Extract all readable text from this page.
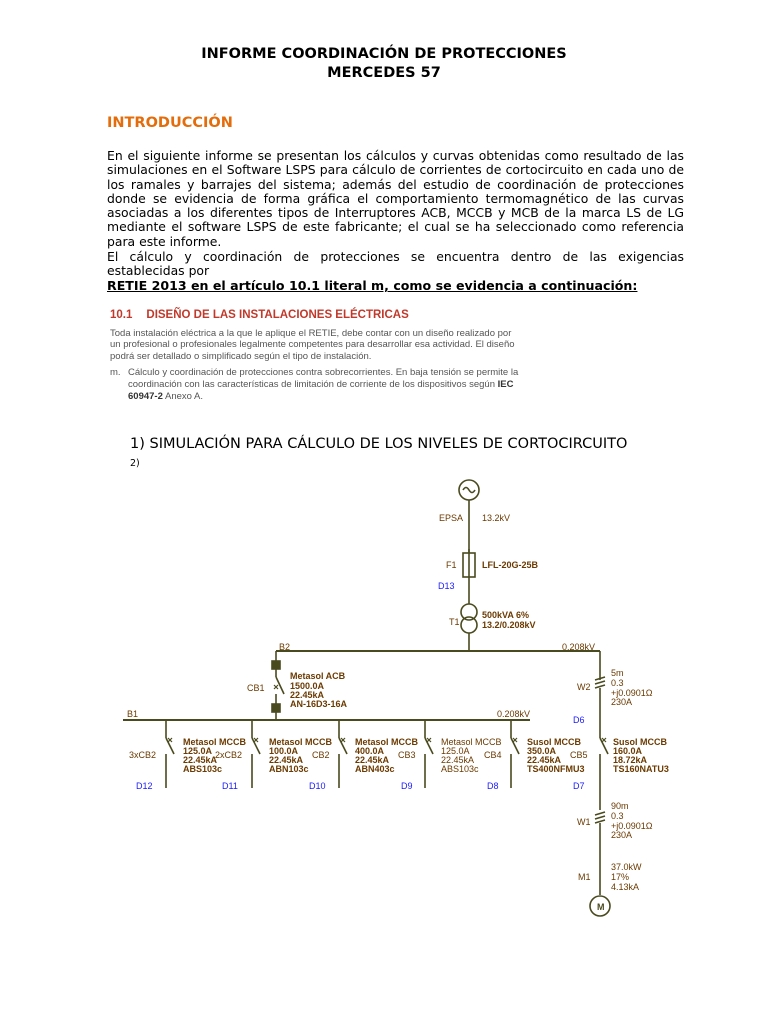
INFORME COORDINACIÓN DE PROTECCIONES
MERCEDES 57
INTRODUCCIÓN
En el siguiente informe se presentan los cálculos y curvas obtenidas como resultado de las simulaciones en el Software LSPS para cálculo de corrientes de cortocircuito en cada uno de los ramales y barrajes del sistema; además del estudio de coordinación de protecciones donde se evidencia de forma gráfica el comportamiento termomagnético de las curvas asociadas a los diferentes tipos de Interruptores ACB, MCCB y MCB de la marca LS de LG mediante el software LSPS de este fabricante; el cual se ha seleccionado como referencia para este informe.
El cálculo y coordinación de protecciones se encuentra dentro de las exigencias establecidas por
RETIE 2013 en el artículo 10.1 literal m, como se evidencia a continuación:
10.1 DISEÑO DE LAS INSTALACIONES ELÉCTRICAS
Toda instalación eléctrica a la que le aplique el RETIE, debe contar con un diseño realizado por un profesional o profesionales legalmente competentes para desarrollar esa actividad. El diseño podrá ser detallado o simplificado según el tipo de instalación.
m. Cálculo y coordinación de protecciones contra sobrecorrientes. En baja tensión se permite la coordinación con las características de limitación de corriente de los dispositivos según IEC 60947-2 Anexo A.
1) SIMULACIÓN PARA CÁLCULO DE LOS NIVELES DE CORTOCIRCUITO
2)
M
EPSA 13.2kV
F1	LFL-20G-25B
T1
500kVA 6%
13.2/0.208kV
B2	0.208kV
Metasol ACB
1500.0A
22.45kA
AN-16D3-16A
CB1
B1	0.208kV
5m
0.3
+j0.0901Ω
230A
W2
3xCB2	2xCB2
Metasol MCCB
125.0A
22.45kA
ABS103c
CB2
Metasol MCCB
100.0A
22.45kA
ABN103c
CB3
Metasol MCCB
400.0A
22.45kA
ABN403c
CB4
Metasol MCCB
125.0A
22.45kA
ABS103c
CB5
Susol MCCB
350.0A
22.45kA
TS400NFMU3
Susol MCCB
160.0A
18.72kA
TS160NATU3
90m
0.3
+j0.0901Ω
230A
W1
37.0kW
17%
4.13kA
M1
D13
D6
D12	D11	D10	D9	D8	D7
